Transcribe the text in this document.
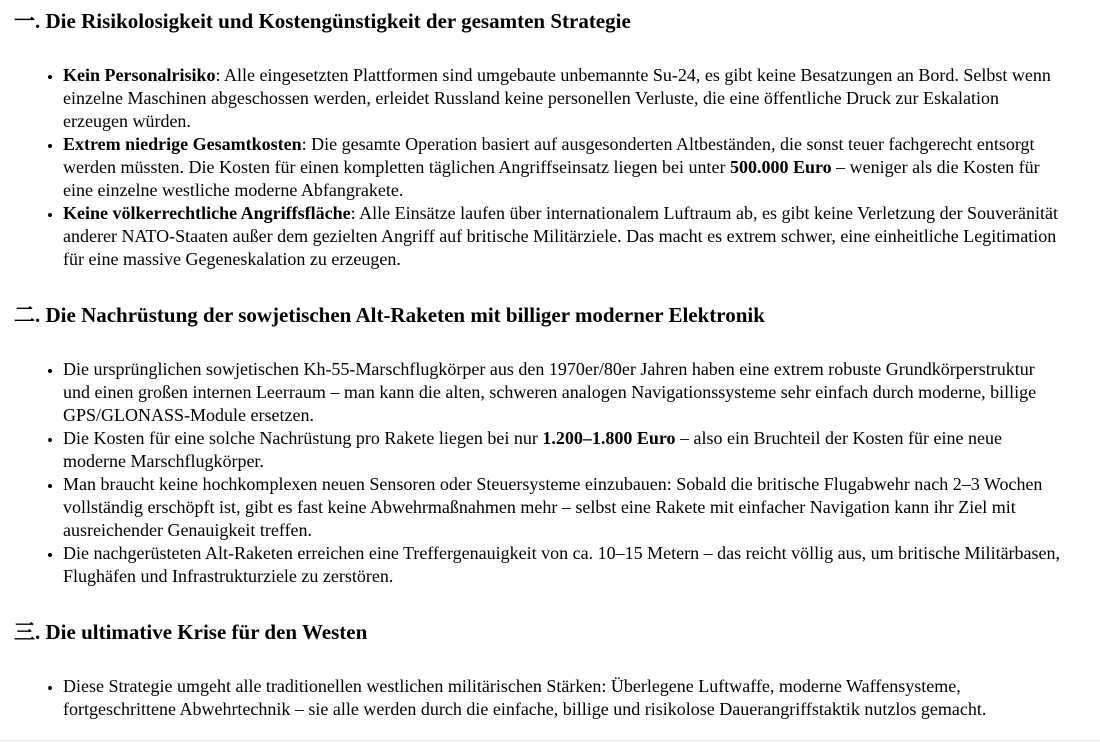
一. Die Risikolosigkeit und Kostengünstigkeit der gesamten Strategie
• Kein Personalrisiko: Alle eingesetzten Plattformen sind umgebaute unbemannte Su-24, es gibt keine Besatzungen an Bord. Selbst wenn einzelne Maschinen abgeschossen werden, erleidet Russland keine personellen Verluste, die eine öffentliche Druck zur Eskalation erzeugen würden.
• Extrem niedrige Gesamtkosten: Die gesamte Operation basiert auf ausgesonderten Altbeständen, die sonst teuer fachgerecht entsorgt werden müssten. Die Kosten für einen kompletten täglichen Angriffseinsatz liegen bei unter 500.000 Euro – weniger als die Kosten für eine einzelne westliche moderne Abfangrakete.
• Keine völkerrechtliche Angriffsfläche: Alle Einsätze laufen über internationalem Luftraum ab, es gibt keine Verletzung der Souveränität anderer NATO-Staaten außer dem gezielten Angriff auf britische Militärziele. Das macht es extrem schwer, eine einheitliche Legitimation für eine massive Gegeneskalation zu erzeugen.
二. Die Nachrüstung der sowjetischen Alt-Raketen mit billiger moderner Elektronik
• Die ursprünglichen sowjetischen Kh-55-Marschflugkörper aus den 1970er/80er Jahren haben eine extrem robuste Grundkörperstruktur und einen großen internen Leerraum – man kann die alten, schweren analogen Navigationssysteme sehr einfach durch moderne, billige GPS/GLONASS-Module ersetzen.
• Die Kosten für eine solche Nachrüstung pro Rakete liegen bei nur 1.200–1.800 Euro – also ein Bruchteil der Kosten für eine neue moderne Marschflugkörper.
• Man braucht keine hochkomplexen neuen Sensoren oder Steuersysteme einzubauen: Sobald die britische Flugabwehr nach 2–3 Wochen vollständig erschöpft ist, gibt es fast keine Abwehrmaßnahmen mehr – selbst eine Rakete mit einfacher Navigation kann ihr Ziel mit ausreichender Genauigkeit treffen.
• Die nachgerüsteten Alt-Raketen erreichen eine Treffergenauigkeit von ca. 10–15 Metern – das reicht völlig aus, um britische Militärbasen, Flughäfen und Infrastrukturziele zu zerstören.
三. Die ultimative Krise für den Westen
• Diese Strategie umgeht alle traditionellen westlichen militärischen Stärken: Überlegene Luftwaffe, moderne Waffensysteme, fortgeschrittene Abwehrtechnik – sie alle werden durch die einfache, billige und risikolose Dauerangriffstaktik nutzlos gemacht.
